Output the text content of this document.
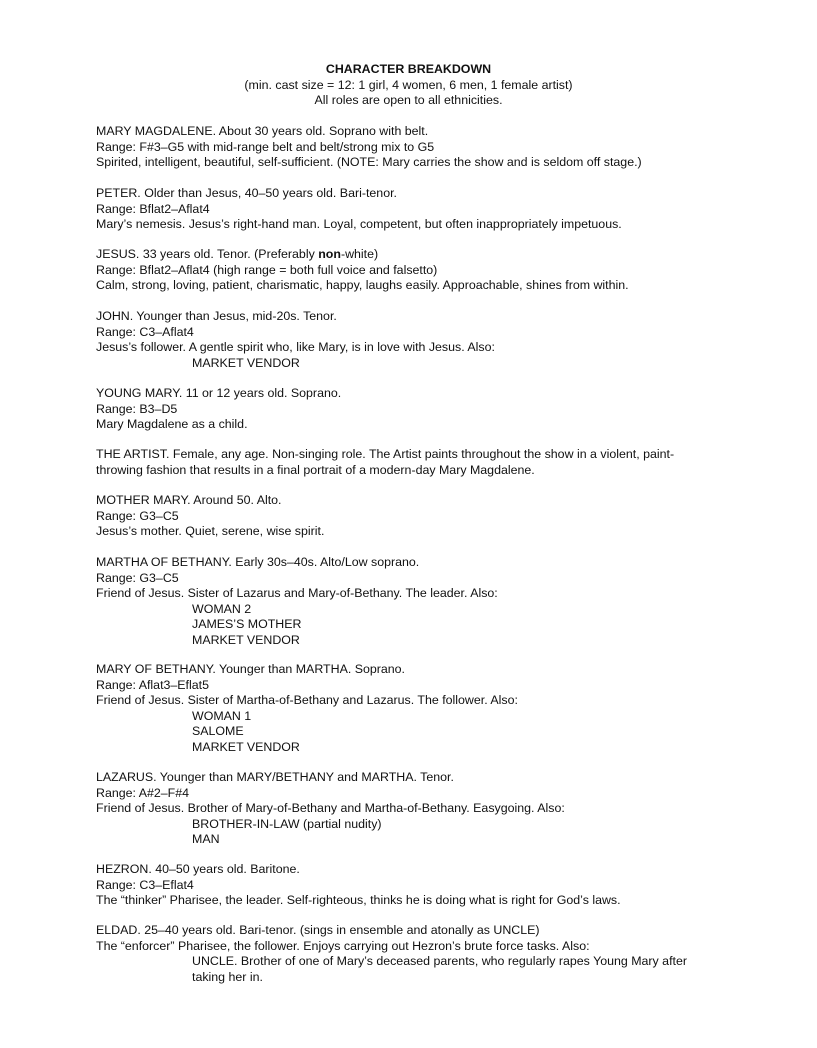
CHARACTER BREAKDOWN
(min. cast size = 12: 1 girl, 4 women, 6 men, 1 female artist)
All roles are open to all ethnicities.
MARY MAGDALENE. About 30 years old. Soprano with belt.
Range: F#3–G5 with mid-range belt and belt/strong mix to G5
Spirited, intelligent, beautiful, self-sufficient. (NOTE: Mary carries the show and is seldom off stage.)
PETER. Older than Jesus, 40–50 years old. Bari-tenor.
Range: Bflat2–Aflat4
Mary’s nemesis. Jesus’s right-hand man. Loyal, competent, but often inappropriately impetuous.
JESUS. 33 years old. Tenor. (Preferably non-white)
Range: Bflat2–Aflat4 (high range = both full voice and falsetto)
Calm, strong, loving, patient, charismatic, happy, laughs easily. Approachable, shines from within.
JOHN. Younger than Jesus, mid-20s. Tenor.
Range: C3–Aflat4
Jesus’s follower. A gentle spirit who, like Mary, is in love with Jesus. Also:
MARKET VENDOR
YOUNG MARY. 11 or 12 years old. Soprano.
Range: B3–D5
Mary Magdalene as a child.
THE ARTIST. Female, any age. Non-singing role. The Artist paints throughout the show in a violent, paint-
throwing fashion that results in a final portrait of a modern-day Mary Magdalene.
MOTHER MARY. Around 50. Alto.
Range: G3–C5
Jesus’s mother. Quiet, serene, wise spirit.
MARTHA OF BETHANY. Early 30s–40s. Alto/Low soprano.
Range: G3–C5
Friend of Jesus. Sister of Lazarus and Mary-of-Bethany. The leader. Also:
WOMAN 2
JAMES’S MOTHER
MARKET VENDOR
MARY OF BETHANY. Younger than MARTHA. Soprano.
Range: Aflat3–Eflat5
Friend of Jesus. Sister of Martha-of-Bethany and Lazarus. The follower. Also:
WOMAN 1
SALOME
MARKET VENDOR
LAZARUS. Younger than MARY/BETHANY and MARTHA. Tenor.
Range: A#2–F#4
Friend of Jesus. Brother of Mary-of-Bethany and Martha-of-Bethany. Easygoing. Also:
BROTHER-IN-LAW (partial nudity)
MAN
HEZRON. 40–50 years old. Baritone.
Range: C3–Eflat4
The “thinker” Pharisee, the leader. Self-righteous, thinks he is doing what is right for God’s laws.
ELDAD. 25–40 years old. Bari-tenor. (sings in ensemble and atonally as UNCLE)
The “enforcer” Pharisee, the follower. Enjoys carrying out Hezron’s brute force tasks. Also:
UNCLE. Brother of one of Mary’s deceased parents, who regularly rapes Young Mary after
taking her in.
